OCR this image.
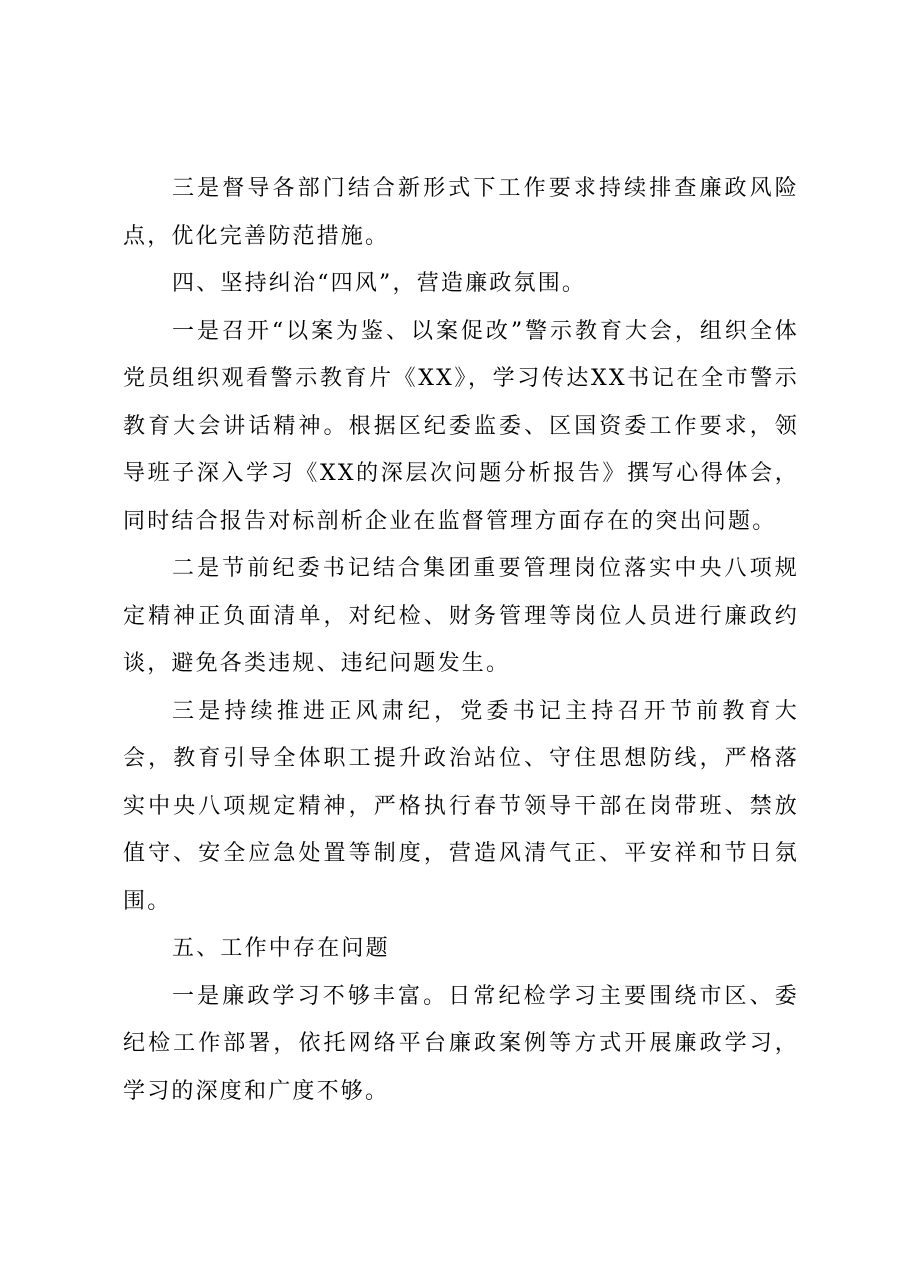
三是督导各部门结合新形式下工作要求持续排查廉政风险点，优化完善防范措施。

四、坚持纠治“四风”，营造廉政氛围。

一是召开“以案为鉴、以案促改”警示教育大会，组织全体党员组织观看警示教育片《XX》，学习传达XX书记在全市警示教育大会讲话精神。根据区纪委监委、区国资委工作要求，领导班子深入学习《XX的深层次问题分析报告》撰写心得体会，同时结合报告对标剖析企业在监督管理方面存在的突出问题。

二是节前纪委书记结合集团重要管理岗位落实中央八项规定精神正负面清单，对纪检、财务管理等岗位人员进行廉政约谈，避免各类违规、违纪问题发生。

三是持续推进正风肃纪，党委书记主持召开节前教育大会，教育引导全体职工提升政治站位、守住思想防线，严格落实中央八项规定精神，严格执行春节领导干部在岗带班、禁放值守、安全应急处置等制度，营造风清气正、平安祥和节日氛围。

五、工作中存在问题

一是廉政学习不够丰富。日常纪检学习主要围绕市区、委纪检工作部署，依托网络平台廉政案例等方式开展廉政学习，学习的深度和广度不够。
